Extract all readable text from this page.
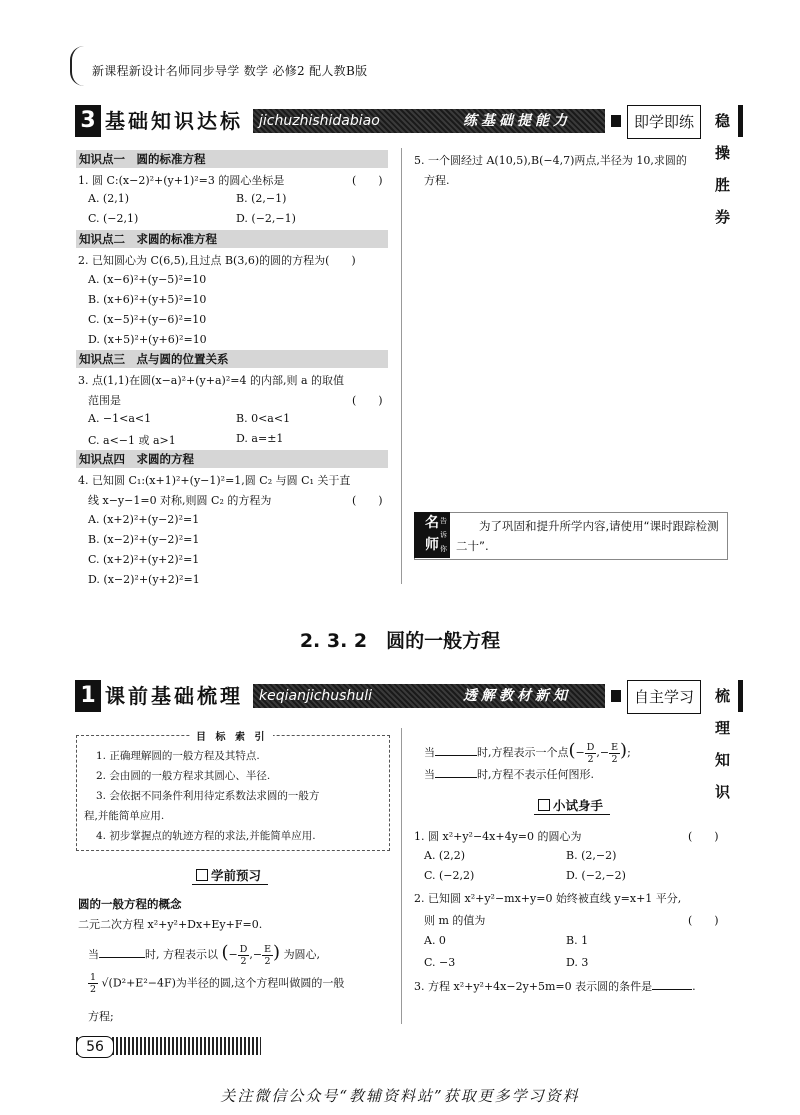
新课程新设计名师同步导学 数学 必修2 配人教B版
3 基础知识达标	jichuzhishidabiao	练基础提能力	即学即练	稳操胜券
知识点一　圆的标准方程
1. 圆 C:(x−2)²+(y+1)²=3 的圆心坐标是	(　　)
A. (2,1)	B. (2,−1)
C. (−2,1)	D. (−2,−1)
知识点二　求圆的标准方程
2. 已知圆心为 C(6,5),且过点 B(3,6)的圆的方程为(　　)
A. (x−6)²+(y−5)²=10
B. (x+6)²+(y+5)²=10
C. (x−5)²+(y−6)²=10
D. (x+5)²+(y+6)²=10
知识点三　点与圆的位置关系
3. 点(1,1)在圆(x−a)²+(y+a)²=4 的内部,则 a 的取值
范围是	(　　)
A. −1<a<1	B. 0<a<1
C. a<−1 或 a>1	D. a=±1
知识点四　求圆的方程
4. 已知圆 C₁:(x+1)²+(y−1)²=1,圆 C₂ 与圆 C₁ 关于直
线 x−y−1=0 对称,则圆 C₂ 的方程为	(　　)
A. (x+2)²+(y−2)²=1
B. (x−2)²+(y−2)²=1
C. (x+2)²+(y+2)²=1
D. (x−2)²+(y+2)²=1
5. 一个圆经过 A(10,5),B(−4,7)两点,半径为 10,求圆的
方程.
名
师
告诉你
　　为了巩固和提升所学内容,请使用“课时跟踪检测二十”.
2. 3. 2　圆的一般方程
1 课前基础梳理	keqianjichushuli	透解教材新知	自主学习	梳理知识
目 标 索 引
1. 正确理解圆的一般方程及其特点.
2. 会由圆的一般方程求其圆心、半径.
3. 会依据不同条件利用待定系数法求圆的一般方
程,并能简单应用.
4. 初步掌握点的轨迹方程的求法,并能简单应用.
学前预习
圆的一般方程的概念
二元二次方程 x²+y²+Dx+Ey+F=0.
当	时, 方程表示以 (− $\frac{D}{2}$ ,− $\frac{E}{2}$ ) 为圆心,
$\frac{1}{2} √(D^2+E^2-4F)$为半径的圆,这个方程叫做圆的一般
方程;
当	时,方程表示一个点(− $\frac{D}{2}$ ,− $\frac{E}{2}$ );
当	时,方程不表示任何图形.
小试身手
1. 圆 x²+y²−4x+4y=0 的圆心为	(　　)
A. (2,2)	B. (2,−2)
C. (−2,2)	D. (−2,−2)
2. 已知圆 x²+y²−mx+y=0 始终被直线 y=x+1 平分,
则 m 的值为	(　　)
A. 0	B. 1
C. −3	D. 3
3. 方程 x²+y²+4x−2y+5m=0 表示圆的条件是	.
56
关注微信公众号“教辅资料站”获取更多学习资料
